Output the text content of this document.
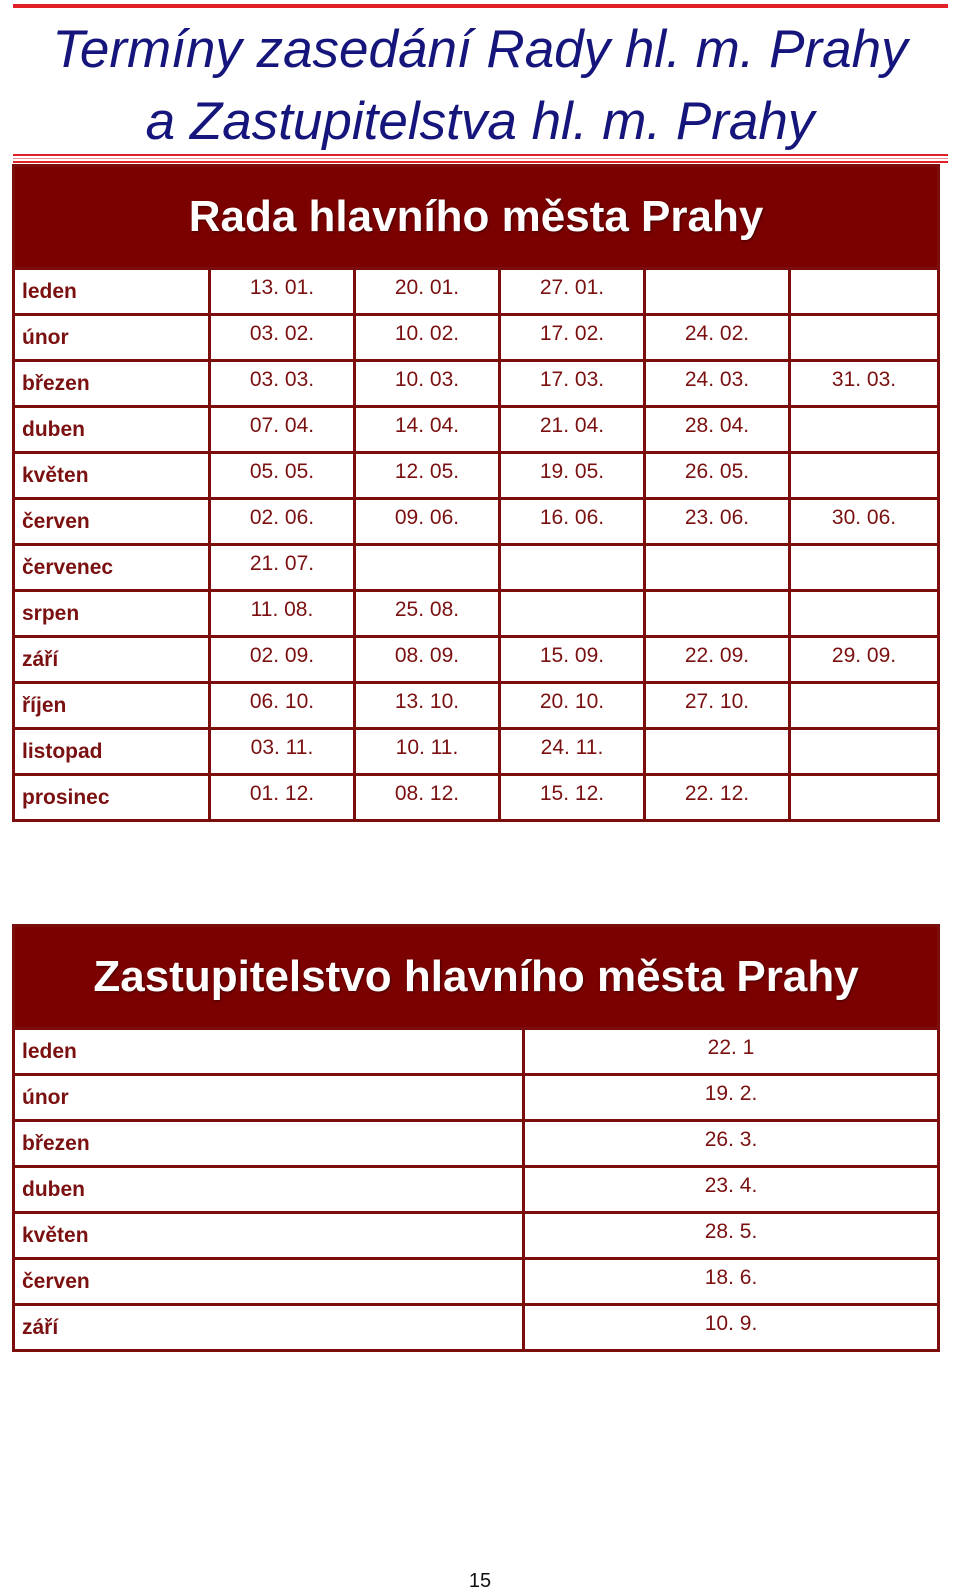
Termíny zasedání Rady hl. m. Prahy
a Zastupitelstva hl. m. Prahy
Rada hlavního města Prahy					
leden	13. 01.	20. 01.	27. 01.		
únor	03. 02.	10. 02.	17. 02.	24. 02.	
březen	03. 03.	10. 03.	17. 03.	24. 03.	31. 03.
duben	07. 04.	14. 04.	21. 04.	28. 04.	
květen	05. 05.	12. 05.	19. 05.	26. 05.	
červen	02. 06.	09. 06.	16. 06.	23. 06.	30. 06.
červenec	21. 07.				
srpen	11. 08.	25. 08.			
září	02. 09.	08. 09.	15. 09.	22. 09.	29. 09.
říjen	06. 10.	13. 10.	20. 10.	27. 10.	
listopad	03. 11.	10. 11.	24. 11.		
prosinec	01. 12.	08. 12.	15. 12.	22. 12.	
Zastupitelstvo hlavního města Prahy	
leden	22. 1
únor	19. 2.
březen	26. 3.
duben	23. 4.
květen	28. 5.
červen	18. 6.
září	10. 9.
15
